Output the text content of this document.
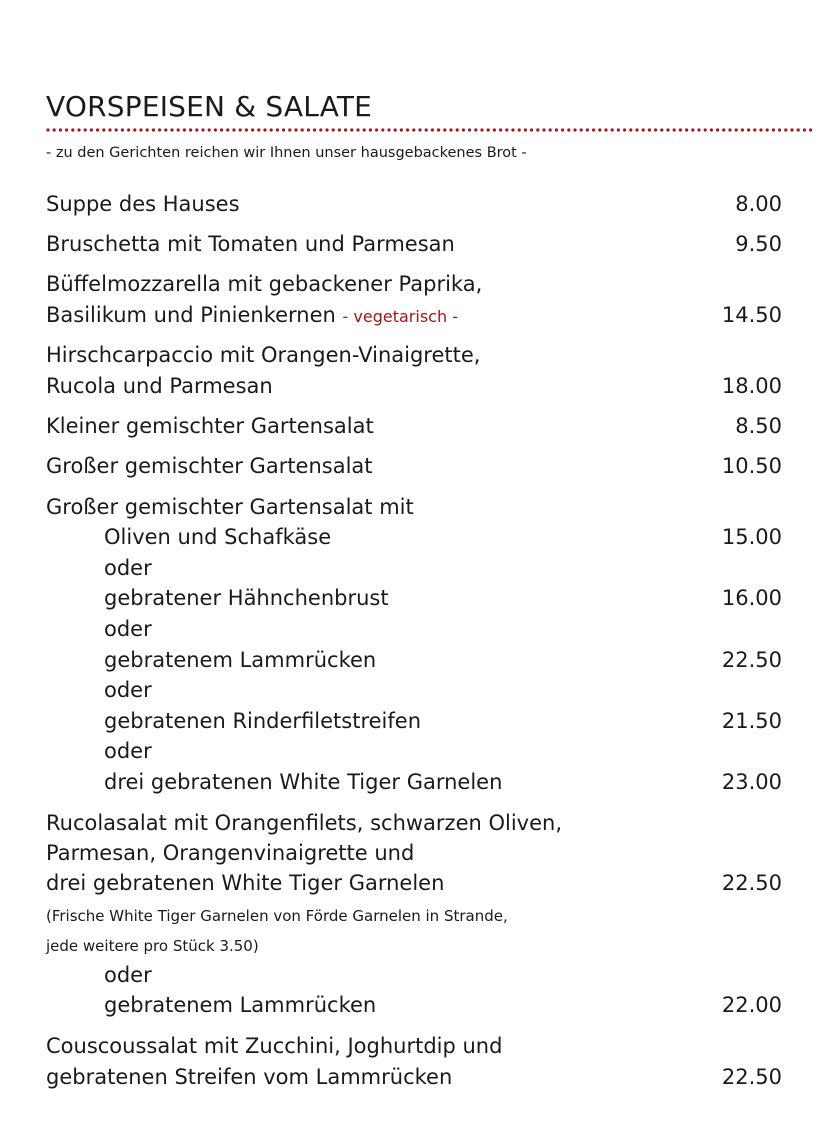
VORSPEISEN & SALATE
- zu den Gerichten reichen wir Ihnen unser hausgebackenes Brot -
Suppe des Hauses	8.00
Bruschetta mit Tomaten und Parmesan	9.50
Büffelmozzarella mit gebackener Paprika,
Basilikum und Pinienkernen - vegetarisch -	14.50
Hirschcarpaccio mit Orangen-Vinaigrette,
Rucola und Parmesan	18.00
Kleiner gemischter Gartensalat	8.50
Großer gemischter Gartensalat	10.50
Großer gemischter Gartensalat mit
Oliven und Schafkäse	15.00
oder
gebratener Hähnchenbrust	16.00
oder
gebratenem Lammrücken	22.50
oder
gebratenen Rinderfiletstreifen	21.50
oder
drei gebratenen White Tiger Garnelen	23.00
Rucolasalat mit Orangenfilets, schwarzen Oliven,
Parmesan, Orangenvinaigrette und
drei gebratenen White Tiger Garnelen	22.50
(Frische White Tiger Garnelen von Förde Garnelen in Strande,
jede weitere pro Stück 3.50)
oder
gebratenem Lammrücken	22.00
Couscoussalat mit Zucchini, Joghurtdip und
gebratenen Streifen vom Lammrücken	22.50
